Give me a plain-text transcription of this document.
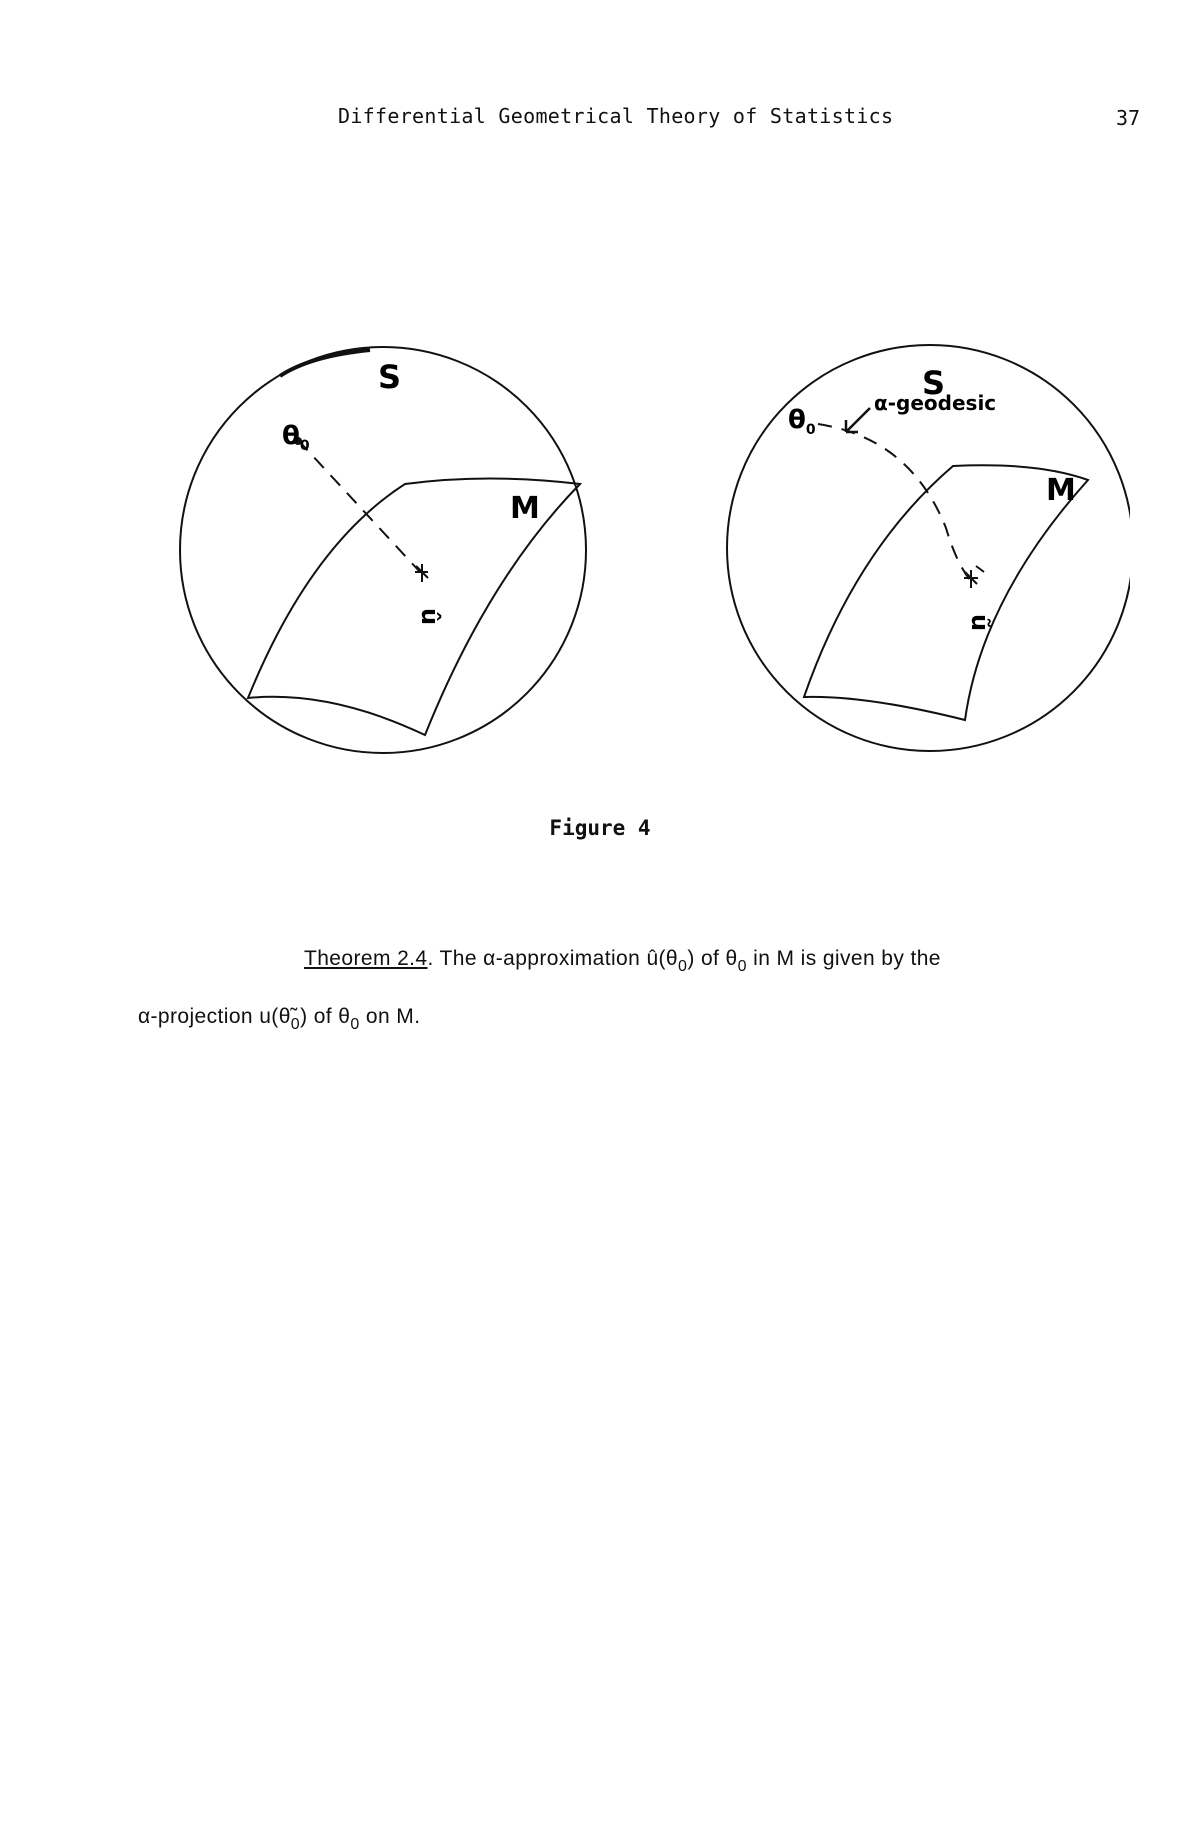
Differential Geometrical Theory of Statistics	37
S
M
$\theta_0$
û
S
M
$\theta_0$
α-geodesic
ũ
Figure 4
Theorem 2.4. The α-approximation $û(\theta_0)$ of $\theta_0$ in M is given by the
α-projection $u(\thetã_0)$ of $\theta_0$ on M.
